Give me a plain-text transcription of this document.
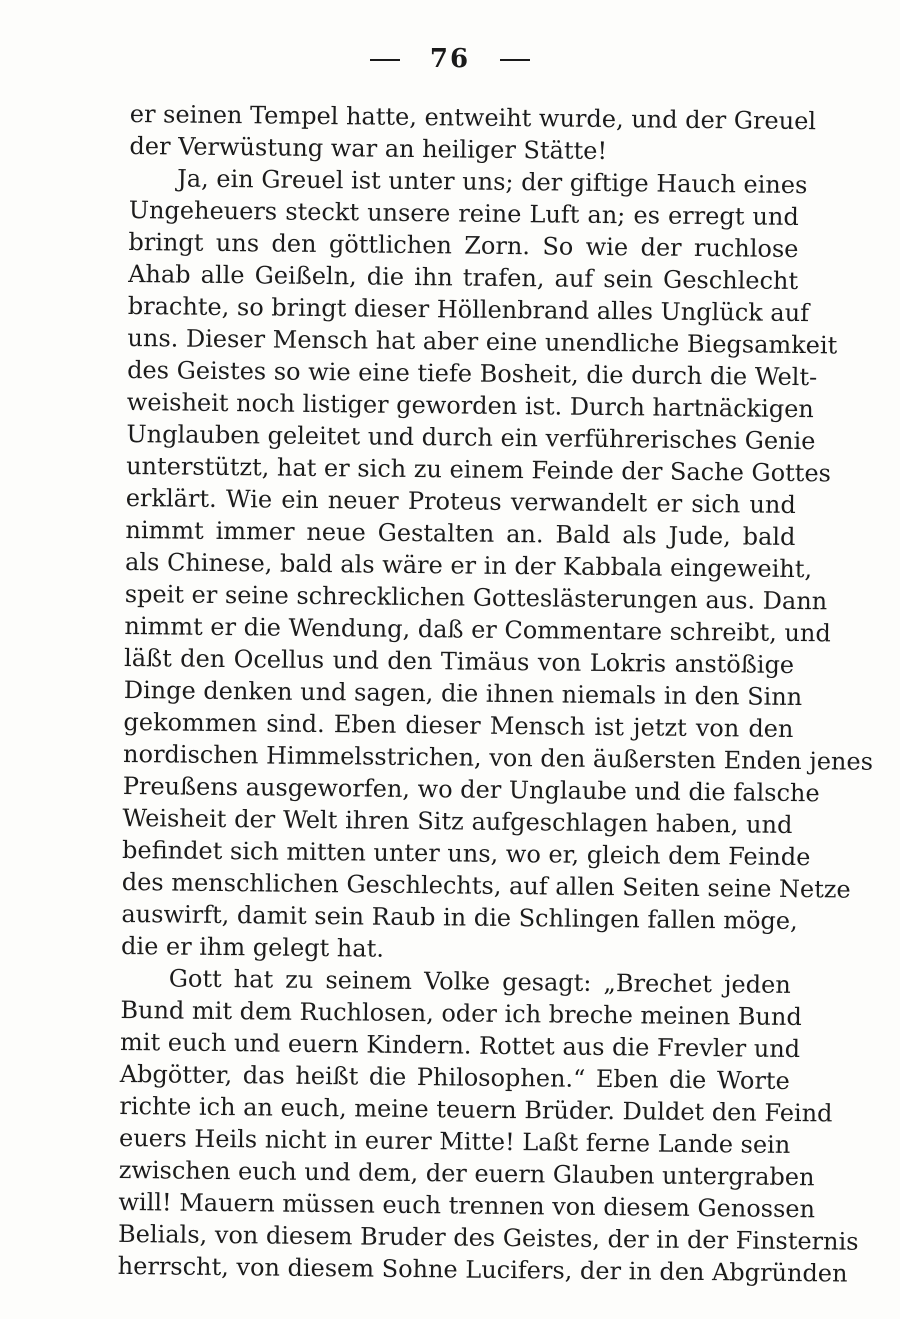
76
er seinen Tempel hatte, entweiht wurde, und der Greuel
der Verwüstung war an heiliger Stätte!
Ja, ein Greuel ist unter uns; der giftige Hauch eines
Ungeheuers steckt unsere reine Luft an; es erregt und
bringt uns den göttlichen Zorn. So wie der ruchlose
Ahab alle Geißeln, die ihn trafen, auf sein Geschlecht
brachte, so bringt dieser Höllenbrand alles Unglück auf
uns. Dieser Mensch hat aber eine unendliche Biegsamkeit
des Geistes so wie eine tiefe Bosheit, die durch die Welt-
weisheit noch listiger geworden ist. Durch hartnäckigen
Unglauben geleitet und durch ein verführerisches Genie
unterstützt, hat er sich zu einem Feinde der Sache Gottes
erklärt. Wie ein neuer Proteus verwandelt er sich und
nimmt immer neue Gestalten an. Bald als Jude, bald
als Chinese, bald als wäre er in der Kabbala eingeweiht,
speit er seine schrecklichen Gotteslästerungen aus. Dann
nimmt er die Wendung, daß er Commentare schreibt, und
läßt den Ocellus und den Timäus von Lokris anstößige
Dinge denken und sagen, die ihnen niemals in den Sinn
gekommen sind. Eben dieser Mensch ist jetzt von den
nordischen Himmelsstrichen, von den äußersten Enden jenes
Preußens ausgeworfen, wo der Unglaube und die falsche
Weisheit der Welt ihren Sitz aufgeschlagen haben, und
befindet sich mitten unter uns, wo er, gleich dem Feinde
des menschlichen Geschlechts, auf allen Seiten seine Netze
auswirft, damit sein Raub in die Schlingen fallen möge,
die er ihm gelegt hat.
Gott hat zu seinem Volke gesagt: „Brechet jeden
Bund mit dem Ruchlosen, oder ich breche meinen Bund
mit euch und euern Kindern. Rottet aus die Frevler und
Abgötter, das heißt die Philosophen.“ Eben die Worte
richte ich an euch, meine teuern Brüder. Duldet den Feind
euers Heils nicht in eurer Mitte! Laßt ferne Lande sein
zwischen euch und dem, der euern Glauben untergraben
will! Mauern müssen euch trennen von diesem Genossen
Belials, von diesem Bruder des Geistes, der in der Finsternis
herrscht, von diesem Sohne Lucifers, der in den Abgründen
